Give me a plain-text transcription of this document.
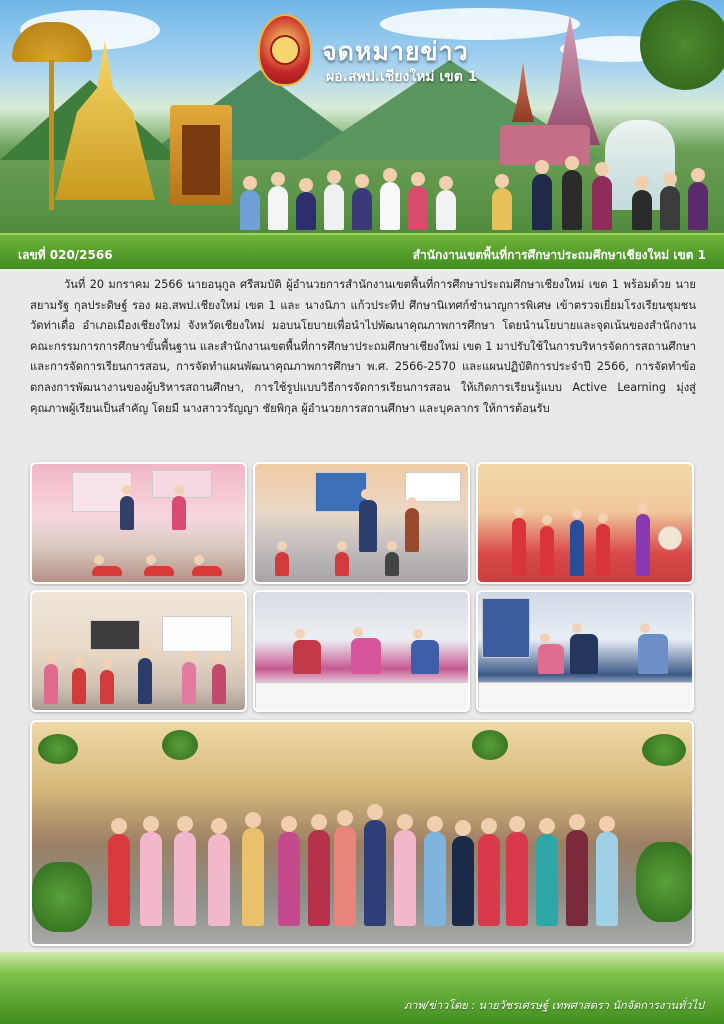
จดหมายข่าว
ผอ.สพป.เชียงใหม่ เขต 1
เลขที่ 020/2566	สำนักงานเขตพื้นที่การศึกษาประถมศึกษาเชียงใหม่ เขต 1
วันที่ 20 มกราคม 2566 นายอนุกูล ศรีสมบัติ ผู้อำนวยการสำนักงานเขตพื้นที่การศึกษาประถมศึกษาเชียงใหม่ เขต 1 พร้อมด้วย นายสยามรัฐ กุลประดิษฐ์ รอง ผอ.สพป.เชียงใหม่ เขต 1 และ นางนิภา แก้วประทีป ศึกษานิเทศก์ชำนาญการพิเศษ เข้าตรวจเยี่ยมโรงเรียนชุมชนวัดท่าเดื่อ อำเภอเมืองเชียงใหม่ จังหวัดเชียงใหม่ มอบนโยบายเพื่อนำไปพัฒนาคุณภาพการศึกษา โดยนำนโยบายและจุดเน้นของสำนักงานคณะกรรมการการศึกษาขั้นพื้นฐาน และสำนักงานเขตพื้นที่การศึกษาประถมศึกษาเชียงใหม่ เขต 1 มาปรับใช้ในการบริหารจัดการสถานศึกษาและการจัดการเรียนการสอน, การจัดทำแผนพัฒนาคุณภาพการศึกษา พ.ศ. 2566-2570 และแผนปฏิบัติการประจำปี 2566, การจัดทำข้อตกลงการพัฒนางานของผู้บริหารสถานศึกษา, การใช้รูปแบบวิธีการจัดการเรียนการสอน ให้เกิดการเรียนรู้แบบ Active Learning มุ่งสู่คุณภาพผู้เรียนเป็นสำคัญ โดยมี นางสาววรัญญา ชัยพิกุล ผู้อำนวยการสถานศึกษา และบุคลากร ให้การต้อนรับ
ภาพ/ข่าวโดย : นายวัชรเศรษฐ์ เทพศาสตรา นักจัดการงานทั่วไป
